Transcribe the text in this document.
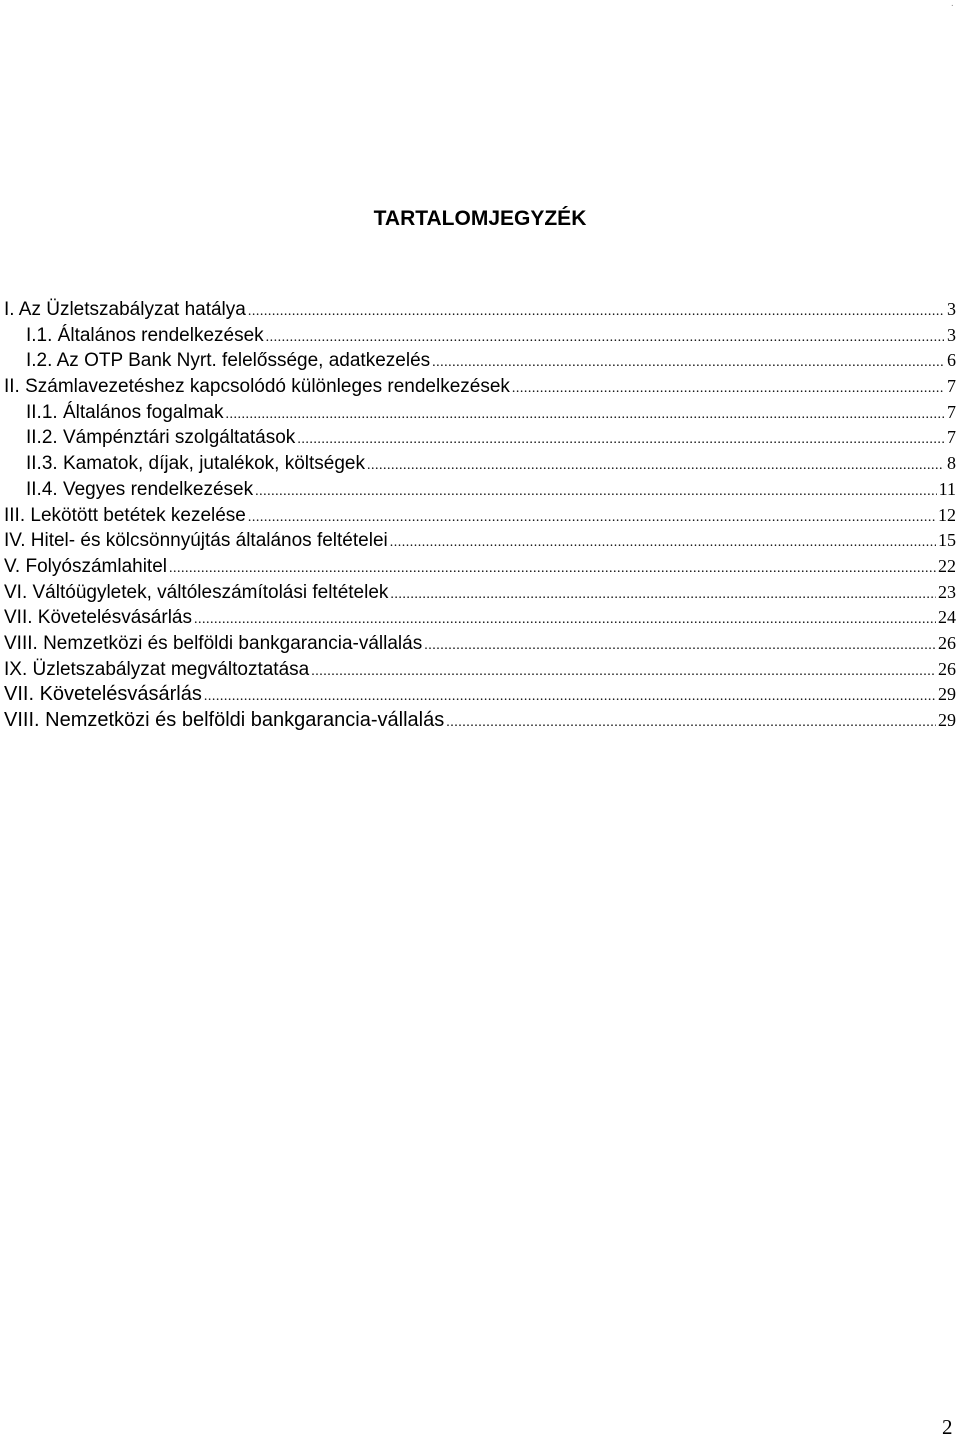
·
TARTALOMJEGYZÉK
I. Az Üzletszabályzat hatálya .....	3
I.1. Általános rendelkezések .....	3
I.2. Az OTP Bank Nyrt. felelőssége, adatkezelés .....	6
II. Számlavezetéshez kapcsolódó különleges rendelkezések .....	7
II.1. Általános fogalmak .....	7
II.2. Vámpénztári szolgáltatások .....	7
II.3. Kamatok, díjak, jutalékok, költségek .....	8
II.4. Vegyes rendelkezések .....	11
III. Lekötött betétek kezelése .....	12
IV. Hitel- és kölcsönnyújtás általános feltételei .....	15
V. Folyószámlahitel .....	22
VI. Váltóügyletek, váltóleszámítolási feltételek .....	23
VII. Követelésvásárlás .....	24
VIII. Nemzetközi és belföldi bankgarancia-vállalás .....	26
IX. Üzletszabályzat megváltoztatása .....	26
VII. Követelésvásárlás .....	29
VIII. Nemzetközi és belföldi bankgarancia-vállalás .....	29
2
